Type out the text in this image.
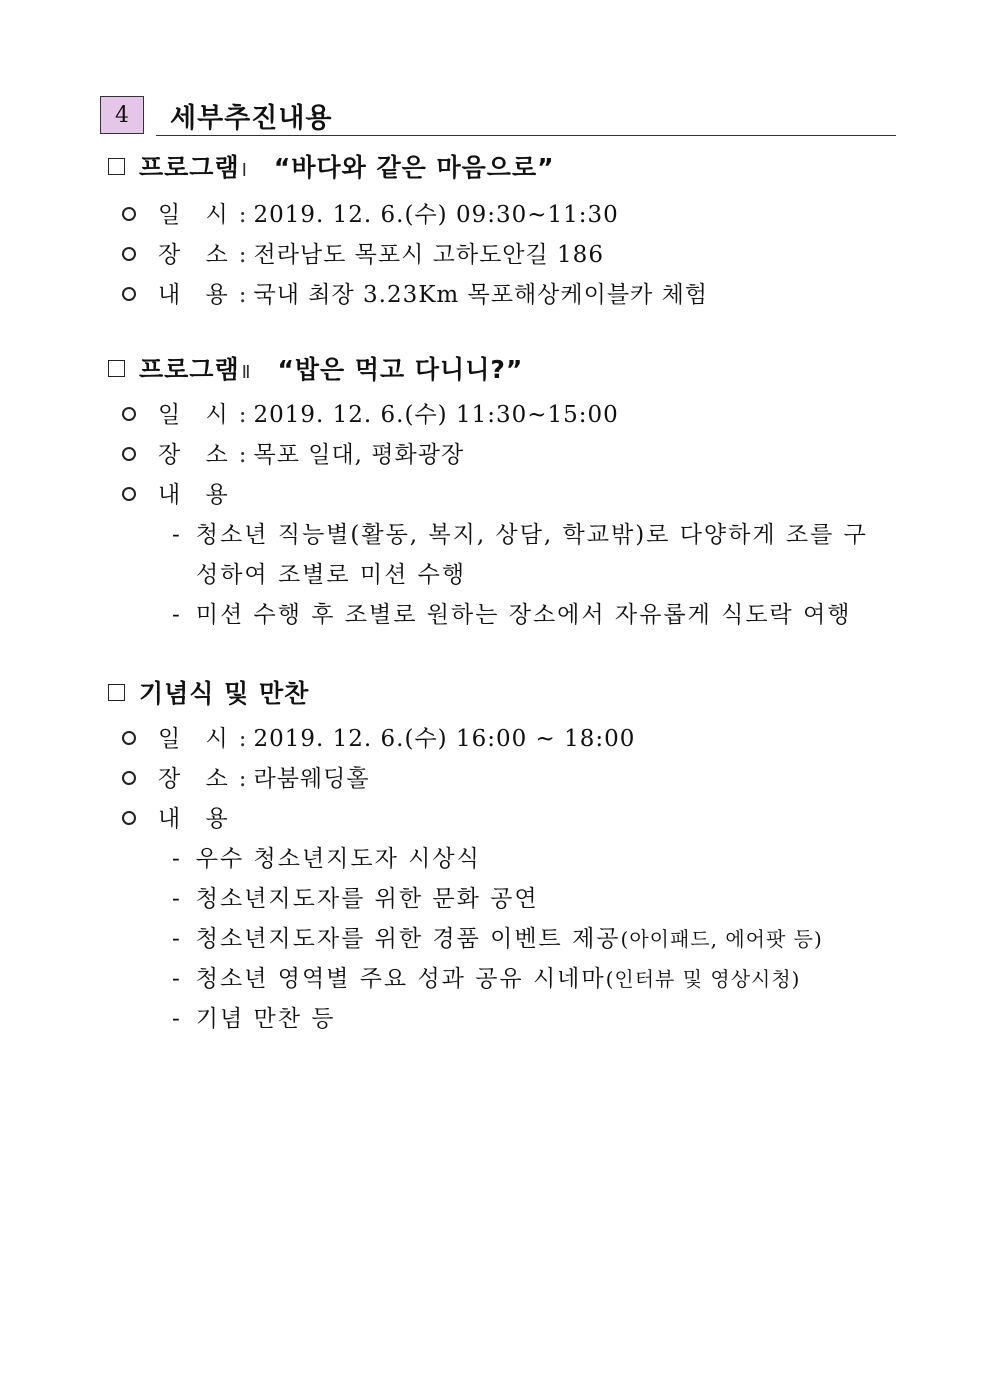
4 세부추진내용
프로그램 Ⅰ “바다와 같은 마음으로”
일 시: 2019. 12. 6.(수) 09:30~11:30
장 소: 전라남도 목포시 고하도안길 186
내 용: 국내 최장 3.23Km 목포해상케이블카 체험
프로그램 Ⅱ “밥은 먹고 다니니?”
일 시: 2019. 12. 6.(수) 11:30~15:00
장 소: 목포 일대, 평화광장
내 용
- 청소년 직능별(활동, 복지, 상담, 학교밖)로 다양하게 조를 구
성하여 조별로 미션 수행
- 미션 수행 후 조별로 원하는 장소에서 자유롭게 식도락 여행
기념식 및 만찬
일 시: 2019. 12. 6.(수) 16:00 ~ 18:00
장 소: 라붐웨딩홀
내 용
- 우수 청소년지도자 시상식
- 청소년지도자를 위한 문화 공연
- 청소년지도자를 위한 경품 이벤트 제공(아이패드, 에어팟 등)
- 청소년 영역별 주요 성과 공유 시네마(인터뷰 및 영상시청)
- 기념 만찬 등
